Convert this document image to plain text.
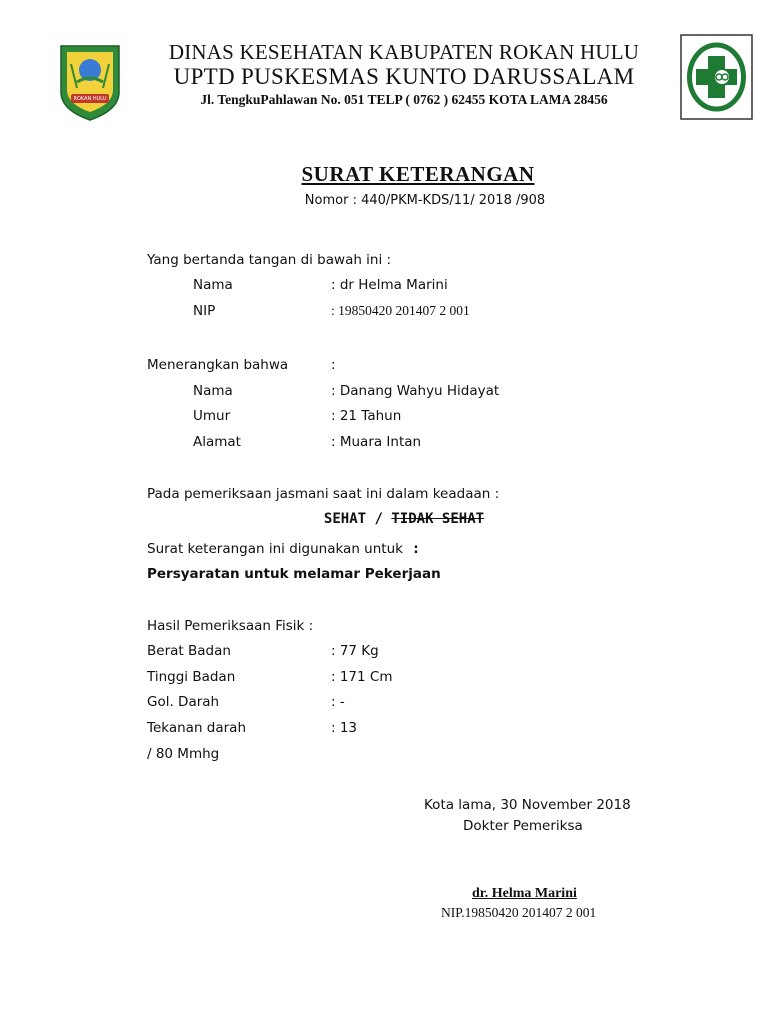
ROKAN HULU
DINAS KESEHATAN KABUPATEN ROKAN HULU
UPTD PUSKESMAS KUNTO DARUSSALAM
Jl. TengkuPahlawan No. 051 TELP ( 0762 ) 62455 KOTA LAMA 28456
SURAT KETERANGAN
Nomor : 440/PKM-KDS/11/ 2018 /908
Yang bertanda tangan di bawah ini :
Nama	: dr Helma Marini
NIP	: 19850420 201407 2 001
Menerangkan bahwa	:
Nama	: Danang Wahyu Hidayat
Umur	: 21 Tahun
Alamat	: Muara Intan
Pada pemeriksaan jasmani saat ini dalam keadaan :
SEHAT / TIDAK SEHAT
Surat keterangan ini digunakan untuk :
Persyaratan untuk melamar Pekerjaan
Hasil Pemeriksaan Fisik :
Berat Badan	: 77 Kg
Tinggi Badan	: 171 Cm
Gol. Darah	: -
Tekanan darah	: 13
/ 80 Mmhg
Kota lama, 30 November 2018
Dokter Pemeriksa
dr. Helma Marini
NIP.19850420 201407 2 001
